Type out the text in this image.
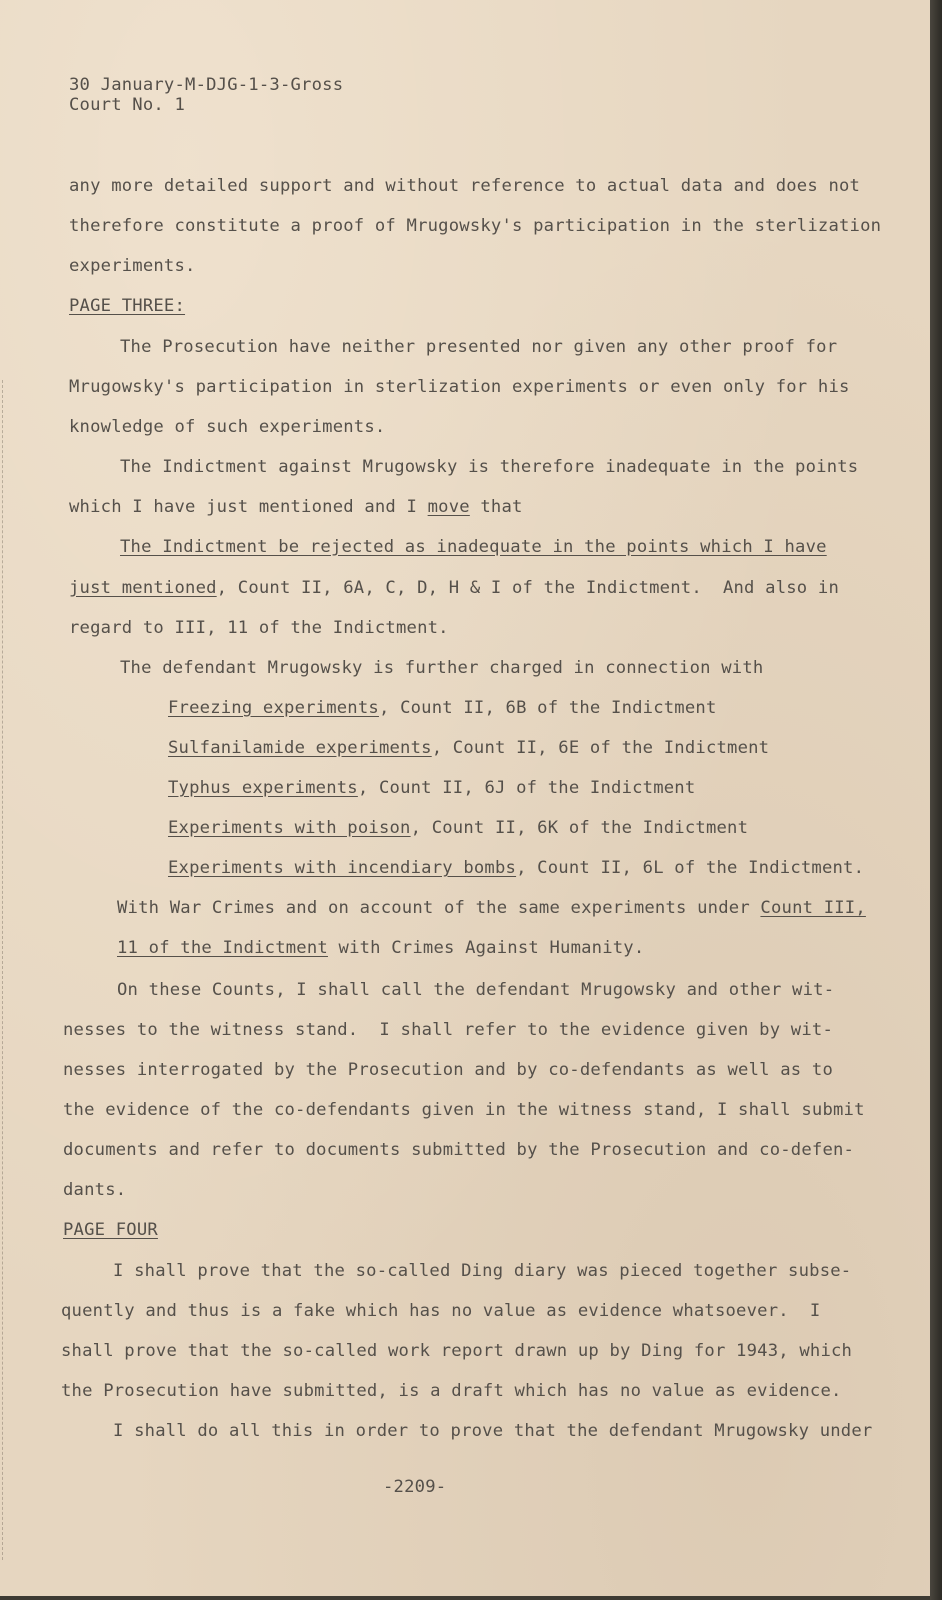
30 January-M-DJG-1-3-Gross

Court No. 1

any more detailed support and without reference to actual data and does not

therefore constitute a proof of Mrugowsky's participation in the sterlization

experiments.

PAGE THREE:

The Prosecution have neither presented nor given any other proof for

Mrugowsky's participation in sterlization experiments or even only for his

knowledge of such experiments.

The Indictment against Mrugowsky is therefore inadequate in the points

which I have just mentioned and I move that

The Indictment be rejected as inadequate in the points which I have

just mentioned, Count II, 6A, C, D, H & I of the Indictment.  And also in

regard to III, 11 of the Indictment.

The defendant Mrugowsky is further charged in connection with

Freezing experiments, Count II, 6B of the Indictment

Sulfanilamide experiments, Count II, 6E of the Indictment

Typhus experiments, Count II, 6J of the Indictment

Experiments with poison, Count II, 6K of the Indictment

Experiments with incendiary bombs, Count II, 6L of the Indictment.

With War Crimes and on account of the same experiments under Count III,

11 of the Indictment with Crimes Against Humanity.

On these Counts, I shall call the defendant Mrugowsky and other wit-

nesses to the witness stand.  I shall refer to the evidence given by wit-

nesses interrogated by the Prosecution and by co-defendants as well as to

the evidence of the co-defendants given in the witness stand, I shall submit

documents and refer to documents submitted by the Prosecution and co-defen-

dants.

PAGE FOUR

I shall prove that the so-called Ding diary was pieced together subse-

quently and thus is a fake which has no value as evidence whatsoever.  I

shall prove that the so-called work report drawn up by Ding for 1943, which

the Prosecution have submitted, is a draft which has no value as evidence.

I shall do all this in order to prove that the defendant Mrugowsky under

-2209-
